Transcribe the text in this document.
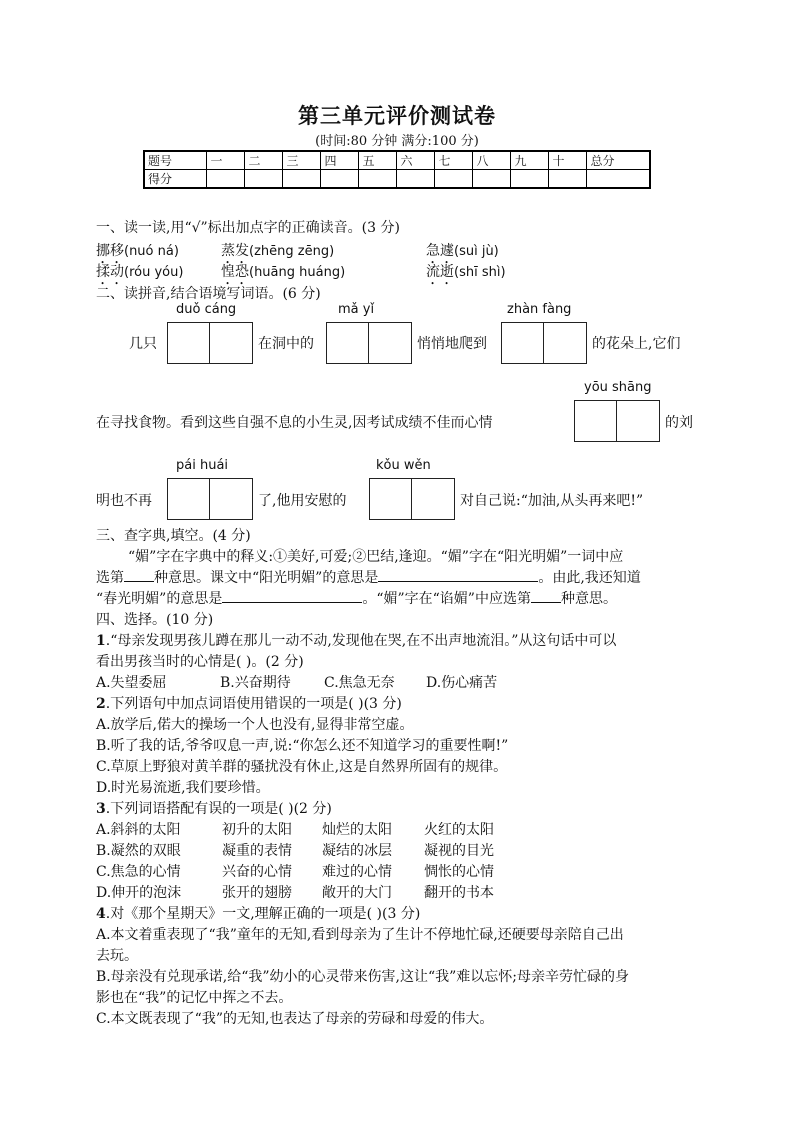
第三单元评价测试卷
(时间:80 分钟 满分:100 分)
题号	一	二	三	四	五	六	七	八	九	十	总分
得分											
一、读一读,用“√”标出加点字的正确读音。(3 分)
挪移(nuó ná)	蒸发(zhēng zēng)	急遽(suì jù)
揉动(róu yóu)	惶恐(huāng huáng)	流逝(shī shì)
二、读拼音,结合语境写词语。(6 分)
duǒ cáng	mǎ yǐ	zhàn fàng
几只	在洞中的	悄悄地爬到	的花朵上,它们
yōu shāng
在寻找食物。看到这些自强不息的小生灵,因考试成绩不佳而心情	的刘
pái huái	kǒu wěn
明也不再	了,他用安慰的	对自己说:“加油,从头再来吧!”
三、查字典,填空。(4 分)
“媚”字在字典中的释义:①美好,可爱;②巴结,逢迎。“媚”字在“阳光明媚”一词中应
选第 种意思。课文中“阳光明媚”的意思是	。由此,我还知道
“春光明媚”的意思是	。“媚”字在“谄媚”中应选第 种意思。
四、选择。(10 分)
1.“母亲发现男孩儿蹲在那儿一动不动,发现他在哭,在不出声地流泪。”从这句话中可以
看出男孩当时的心情是( )。(2 分)
A.失望委屈	B.兴奋期待 C.焦急无奈 D.伤心痛苦
2.下列语句中加点词语使用错误的一项是( )(3 分)
A.放学后,偌大的操场一个人也没有,显得非常空虚。
B.听了我的话,爷爷叹息一声,说:“你怎么还不知道学习的重要性啊!”
C.草原上野狼对黄羊群的骚扰没有休止,这是自然界所固有的规律。
D.时光易流逝,我们要珍惜。
3.下列词语搭配有误的一项是( )(2 分)
A.斜斜的太阳	初升的太阳 灿烂的太阳 火红的太阳
B.凝然的双眼	凝重的表情 凝结的冰层 凝视的目光
C.焦急的心情	兴奋的心情 难过的心情 惆怅的心情
D.伸开的泡沫	张开的翅膀 敞开的大门 翻开的书本
4.对《那个星期天》一文,理解正确的一项是( )(3 分)
A.本文着重表现了“我”童年的无知,看到母亲为了生计不停地忙碌,还硬要母亲陪自己出
去玩。
B.母亲没有兑现承诺,给“我”幼小的心灵带来伤害,这让“我”难以忘怀;母亲辛劳忙碌的身
影也在“我”的记忆中挥之不去。
C.本文既表现了“我”的无知,也表达了母亲的劳碌和母爱的伟大。
